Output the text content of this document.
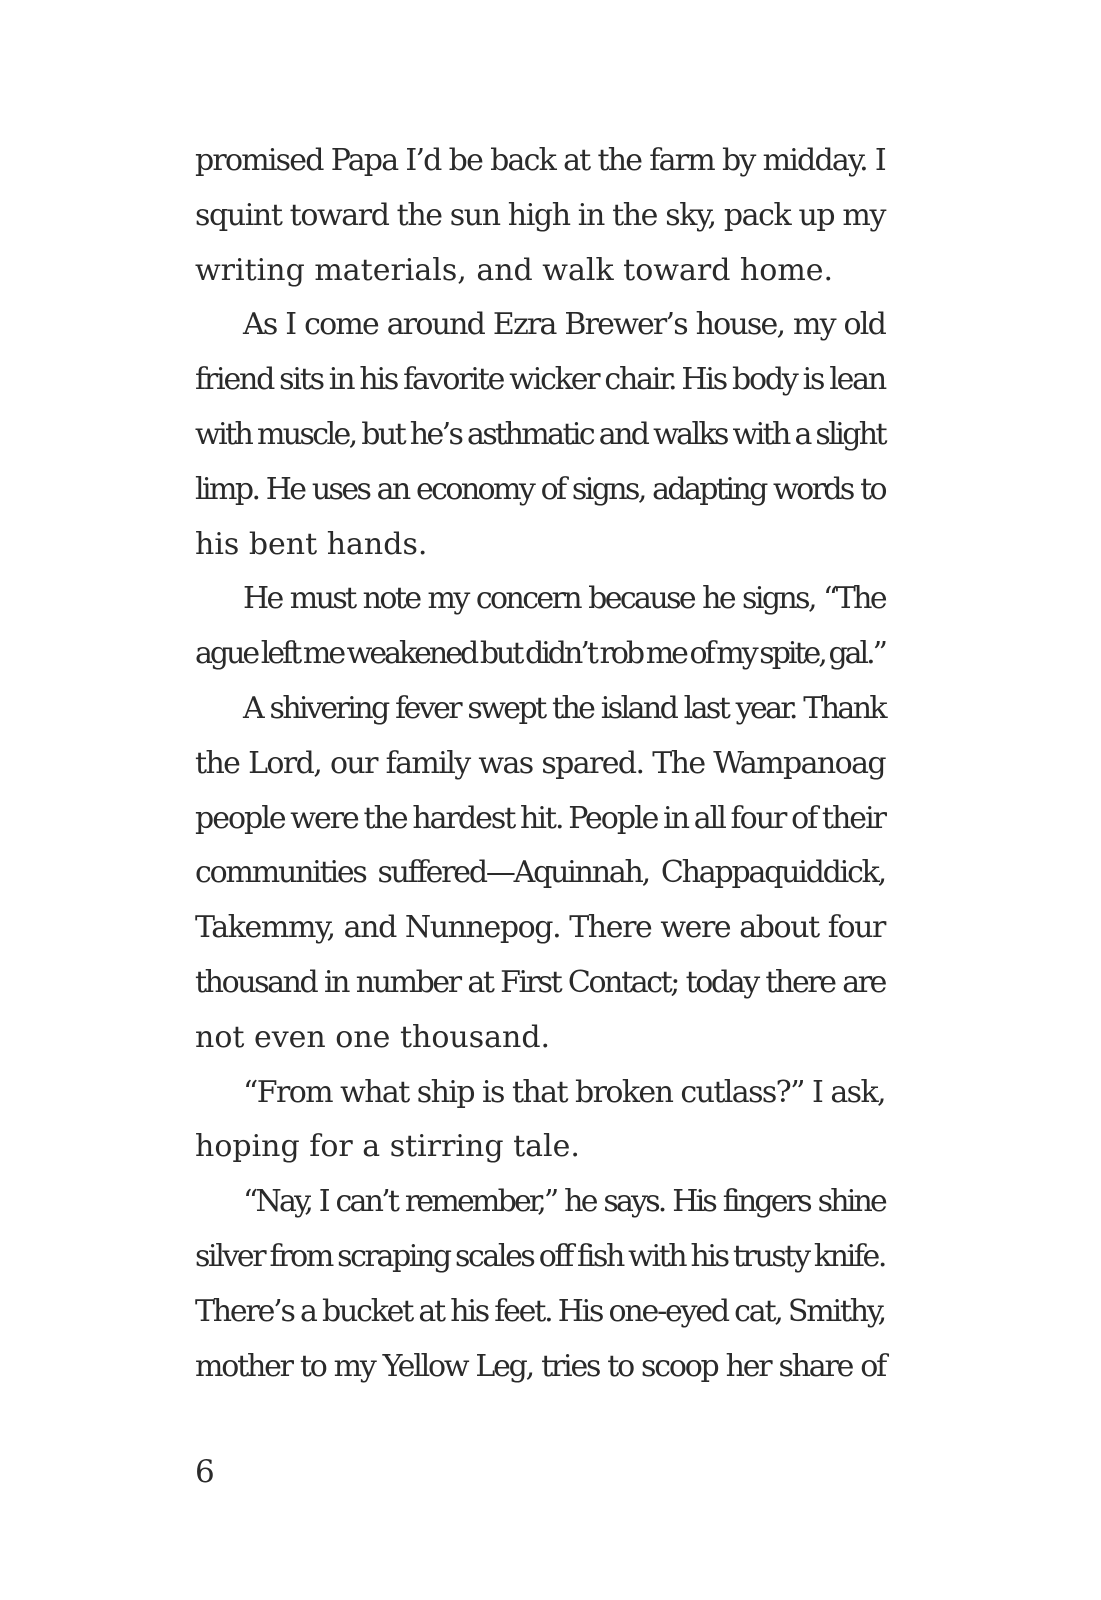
promised Papa I’d be back at the farm by midday. I
squint toward the sun high in the sky, pack up my
writing materials, and walk toward home.
As I come around Ezra Brewer’s house, my old
friend sits in his favorite wicker chair. His body is lean
with muscle, but he’s asthmatic and walks with a slight
limp. He uses an economy of signs, adapting words to
his bent hands.
He must note my concern because he signs, “The
ague left me weakened but didn’t rob me of my spite, gal.”
A shivering fever swept the island last year. Thank
the Lord, our family was spared. The Wampanoag
people were the hardest hit. People in all four of their
communities suffered—Aquinnah, Chappaquiddick,
Takemmy, and Nunnepog. There were about four
thousand in number at First Contact; today there are
not even one thousand.
“From what ship is that broken cutlass?” I ask,
hoping for a stirring tale.
“Nay, I can’t remember,” he says. His fingers shine
silver from scraping scales off fish with his trusty knife.
There’s a bucket at his feet. His one-eyed cat, Smithy,
mother to my Yellow Leg, tries to scoop her share of
6
